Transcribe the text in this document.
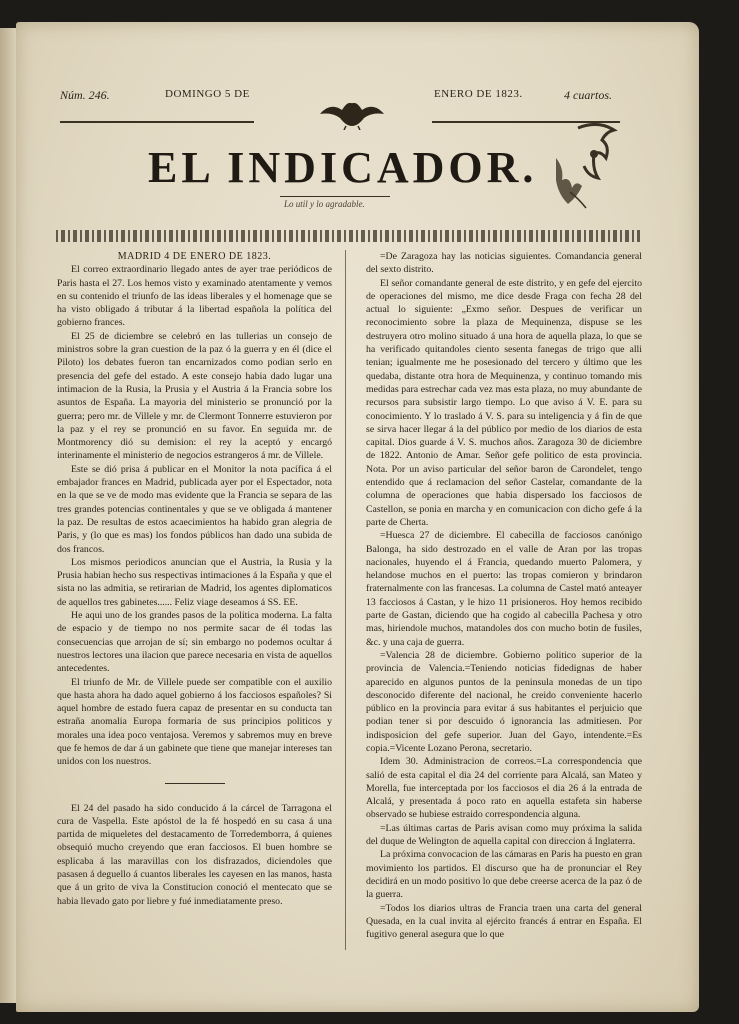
Núm. 246.	DOMINGO 5 DE	ENERO DE 1823.	4 cuartos.
EL INDICADOR.
Lo util y lo agradable.

MADRID 4 DE ENERO DE 1823.

El correo extraordinario llegado antes de ayer trae periódicos de Paris hasta el 27. Los hemos visto y examinado atentamente y vemos en su contenido el triunfo de las ideas liberales y el homenage que se ha visto obligado á tributar á la libertad española la política del gobierno frances.

El 25 de diciembre se celebró en las tullerias un consejo de ministros sobre la gran cuestion de la paz ó la guerra y en él (dice el Piloto) los debates fueron tan encarnizados como podian serlo en presencia del gefe del estado. A este consejo habia dado lugar una intimacion de la Rusia, la Prusia y el Austria á la Francia sobre los asuntos de España. La mayoria del ministerio se pronunció por la guerra; pero mr. de Villele y mr. de Clermont Tonnerre estuvieron por la paz y el rey se pronunció en su favor. En seguida mr. de Montmorency dió su demision: el rey la aceptó y encargó interinamente el ministerio de negocios estrangeros á mr. de Villele.

Este se dió prisa á publicar en el Monitor la nota pacífica á el embajador frances en Madrid, publicada ayer por el Espectador, nota en la que se ve de modo mas evidente que la Francia se separa de las tres grandes potencias continentales y que se ve obligada á mantener la paz. De resultas de estos acaecimientos ha habido gran alegria de Paris, y (lo que es mas) los fondos públicos han dado una subida de dos francos.

Los mismos periodicos anuncian que el Austria, la Rusia y la Prusia habian hecho sus respectivas intimaciones á la España y que el sista no las admitia, se retirarian de Madrid, los agentes diplomaticos de aquellos tres gabinetes...... Feliz viage deseamos á SS. EE.

He aqui uno de los grandes pasos de la politica moderna. La falta de espacio y de tiempo no nos permite sacar de él todas las consecuencias que arrojan de sí; sin embargo no podemos ocultar á nuestros lectores una ilacion que parece necesaria en vista de aquellos antecedentes.

El triunfo de Mr. de Villele puede ser compatible con el auxilio que hasta ahora ha dado aquel gobierno á los facciosos españoles? Si aquel hombre de estado fuera capaz de presentar en su conducta tan estraña anomalia Europa formaria de sus principios politicos y morales una idea poco ventajosa. Veremos y sabremos muy en breve que fe hemos de dar á un gabinete que tiene que manejar intereses tan unidos con los nuestros.

El 24 del pasado ha sido conducido á la cárcel de Tarragona el cura de Vaspella. Este apóstol de la fé hospedó en su casa á una partida de miqueletes del destacamento de Torredemborra, á quienes obsequió mucho creyendo que eran facciosos. El buen hombre se esplicaba á las maravillas con los disfrazados, diciendoles que pasasen á deguello á cuantos liberales les cayesen en las manos, hasta que á un grito de viva la Constitucion conoció el mentecato que se habia llevado gato por liebre y fué inmediatamente preso.

=De Zaragoza hay las noticias siguientes. Comandancia general del sexto distrito.

El señor comandante general de este distrito, y en gefe del ejercito de operaciones del mismo, me dice desde Fraga con fecha 28 del actual lo siguiente: „Exmo señor. Despues de verificar un reconocimiento sobre la plaza de Mequinenza, dispuse se les destruyera otro molino situado á una hora de aquella plaza, lo que se ha verificado quitandoles ciento sesenta fanegas de trigo que alli tenian; igualmente me he posesionado del tercero y último que les quedaba, distante otra hora de Mequinenza, y continuo tomando mis medidas para estrechar cada vez mas esta plaza, no muy abundante de recursos para subsistir largo tiempo. Lo que aviso á V. E. para su conocimiento. Y lo traslado á V. S. para su inteligencia y á fin de que se sirva hacer llegar á la del público por medio de los diarios de esta capital. Dios guarde á V. S. muchos años. Zaragoza 30 de diciembre de 1822. Antonio de Amar. Señor gefe politico de esta provincia. Nota. Por un aviso particular del señor baron de Carondelet, tengo entendido que á reclamacion del señor Castelar, comandante de la columna de operaciones que habia dispersado los facciosos de Castellon, se ponia en marcha y en comunicacion con dicho gefe á la parte de Cherta.

=Huesca 27 de diciembre. El cabecilla de facciosos canónigo Balonga, ha sido destrozado en el valle de Aran por las tropas nacionales, huyendo el á Francia, quedando muerto Palomera, y helandose muchos en el puerto: las tropas comieron y brindaron fraternalmente con las francesas. La columna de Castel mató anteayer 13 facciosos á Castan, y le hizo 11 prisioneros. Hoy hemos recibido parte de Gastan, diciendo que ha cogido al cabecilla Pachesa y otro mas, hiriendole muchos, matandoles dos con mucho botin de fusiles, &c. y una caja de guerra.

=Valencia 28 de diciembre. Gobierno politico superior de la provincia de Valencia.=Teniendo noticias fidedignas de haber aparecido en algunos puntos de la peninsula monedas de un tipo desconocido diferente del nacional, he creido conveniente hacerlo público en la provincia para evitar á sus habitantes el perjuicio que podian tener si por descuido ó ignorancia las admitiesen. Por indisposicion del gefe superior. Juan del Gayo, intendente.=Es copia.=Vicente Lozano Perona, secretario.

Idem 30. Administracion de correos.=La correspondencia que salió de esta capital el dia 24 del corriente para Alcalá, san Mateo y Morella, fue interceptada por los facciosos el dia 26 á la entrada de Alcalá, y presentada á poco rato en aquella estafeta sin haberse observado se hubiese estraido correspondencia alguna.

=Las últimas cartas de Paris avisan como muy próxima la salida del duque de Welington de aquella capital con direccion á Inglaterra.

La próxima convocacion de las cámaras en Paris ha puesto en gran movimiento los partidos. El discurso que ha de pronunciar el Rey decidirá en un modo positivo lo que debe creerse acerca de la paz ó de la guerra.

=Todos los diarios ultras de Francia traen una carta del general Quesada, en la cual invita al ejército francés á entrar en España. El fugitivo general asegura que lo que
